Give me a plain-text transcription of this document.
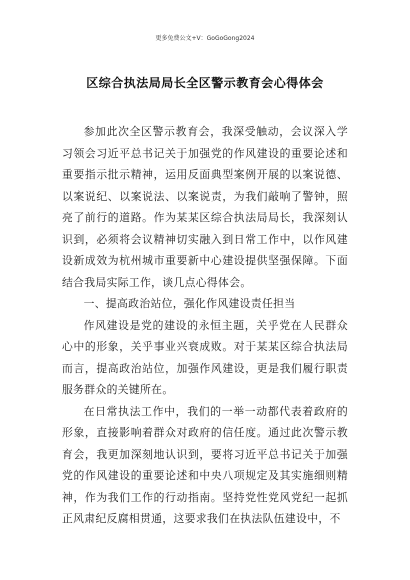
更多免费公文+V：GoGoGong2024
区综合执法局局长全区警示教育会心得体会

参加此次全区警示教育会，我深受触动，会议深入学习领会习近平总书记关于加强党的作风建设的重要论述和重要指示批示精神，运用反面典型案例开展的以案说德、以案说纪、以案说法、以案说责，为我们敲响了警钟，照亮了前行的道路。作为某某区综合执法局局长，我深刻认识到，必须将会议精神切实融入到日常工作中，以作风建设新成效为杭州城市重要新中心建设提供坚强保障。下面结合我局实际工作，谈几点心得体会。

一、提高政治站位，强化作风建设责任担当

作风建设是党的建设的永恒主题，关乎党在人民群众心中的形象，关乎事业兴衰成败。对于某某区综合执法局而言，提高政治站位，加强作风建设，更是我们履行职责服务群众的关键所在。

在日常执法工作中，我们的一举一动都代表着政府的形象，直接影响着群众对政府的信任度。通过此次警示教育会，我更加深刻地认识到，要将习近平总书记关于加强党的作风建设的重要论述和中央八项规定及其实施细则精神，作为我们工作的行动指南。坚持党性党风党纪一起抓正风肃纪反腐相贯通，这要求我们在执法队伍建设中，不
